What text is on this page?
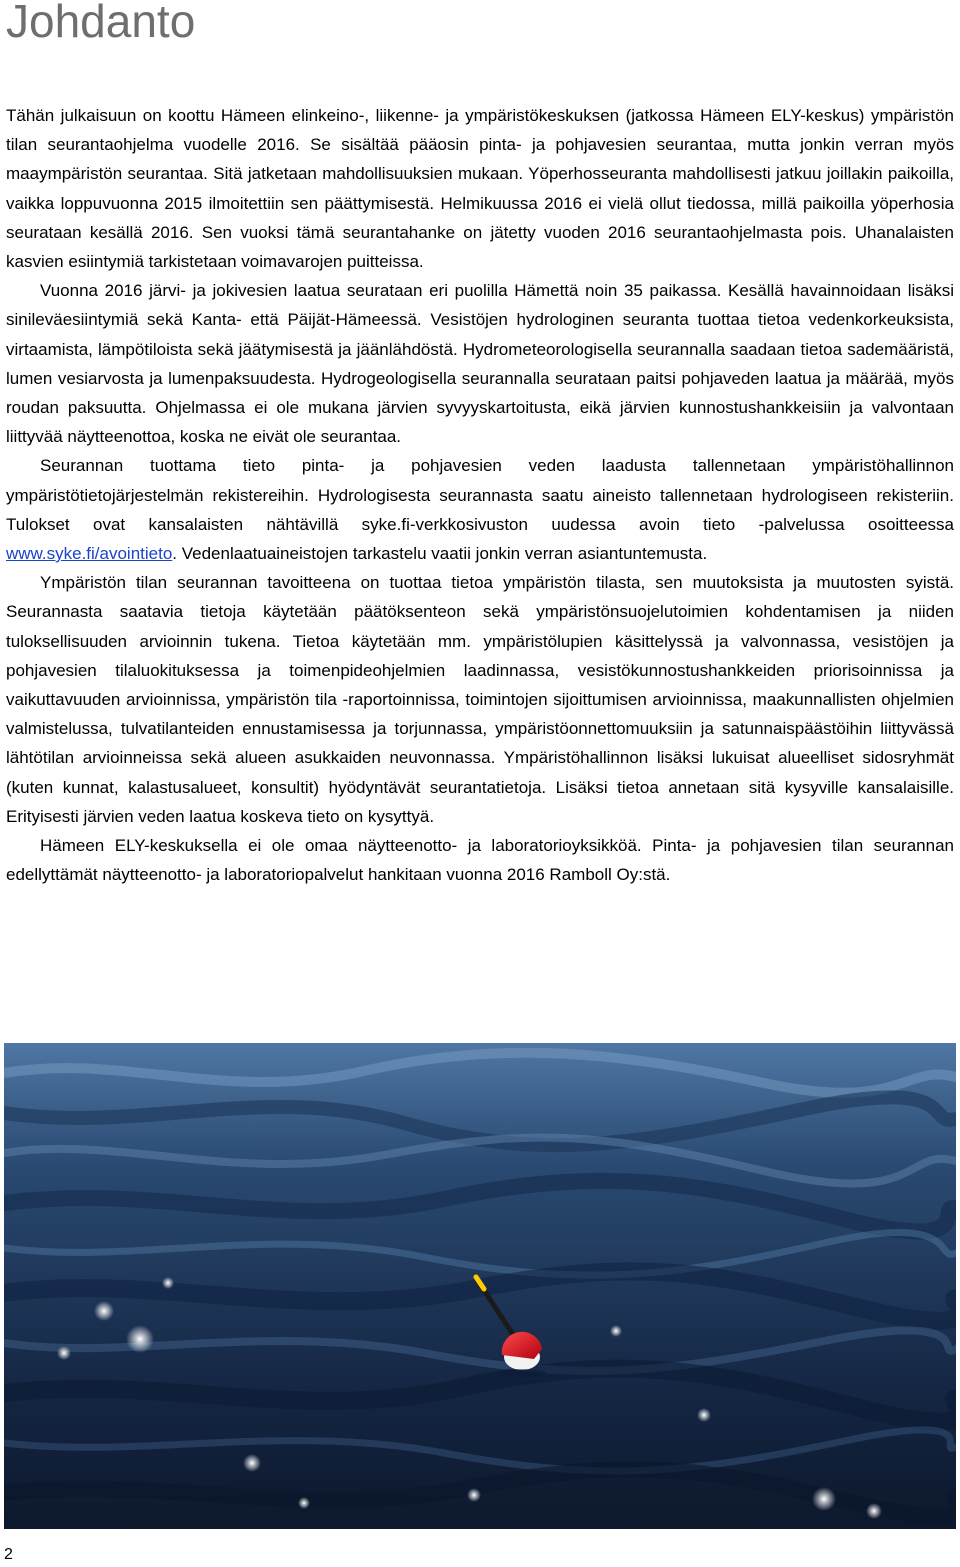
Johdanto

Tähän julkaisuun on koottu Hämeen elinkeino-, liikenne- ja ympäristökeskuksen (jatkossa Hämeen ELY-keskus) ympäristön tilan seurantaohjelma vuodelle 2016. Se sisältää pääosin pinta- ja pohjavesien seurantaa, mutta jonkin verran myös maaympäristön seurantaa. Sitä jatketaan mahdollisuuksien mukaan. Yöperhosseuranta mahdollisesti jatkuu joillakin paikoilla, vaikka loppuvuonna 2015 ilmoitettiin sen päättymisestä. Helmikuussa 2016 ei vielä ollut tiedossa, millä paikoilla yöperhosia seurataan kesällä 2016. Sen vuoksi tämä seurantahanke on jätetty vuoden 2016 seurantaohjelmasta pois. Uhanalaisten kasvien esiintymiä tarkistetaan voimavarojen puitteissa.

Vuonna 2016 järvi- ja jokivesien laatua seurataan eri puolilla Hämettä noin 35 paikassa. Kesällä havainnoidaan lisäksi sinileväesiintymiä sekä Kanta- että Päijät-Hämeessä. Vesistöjen hydrologinen seuranta tuottaa tietoa vedenkorkeuksista, virtaamista, lämpötiloista sekä jäätymisestä ja jäänlähdöstä. Hydrometeorologisella seurannalla saadaan tietoa sademääristä, lumen vesiarvosta ja lumenpaksuudesta. Hydrogeologisella seurannalla seurataan paitsi pohjaveden laatua ja määrää, myös roudan paksuutta. Ohjelmassa ei ole mukana järvien syvyyskartoitusta, eikä järvien kunnostushankkeisiin ja valvontaan liittyvää näytteenottoa, koska ne eivät ole seurantaa.

Seurannan tuottama tieto pinta- ja pohjavesien veden laadusta tallennetaan ympäristöhallinnon ympäristötietojärjestelmän rekistereihin. Hydrologisesta seurannasta saatu aineisto tallennetaan hydrologiseen rekisteriin. Tulokset ovat kansalaisten nähtävillä syke.fi-verkkosivuston uudessa avoin tieto -palvelussa osoitteessa www.syke.fi/avointieto. Vedenlaatuaineistojen tarkastelu vaatii jonkin verran asiantuntemusta.

Ympäristön tilan seurannan tavoitteena on tuottaa tietoa ympäristön tilasta, sen muutoksista ja muutosten syistä. Seurannasta saatavia tietoja käytetään päätöksenteon sekä ympäristönsuojelutoimien kohdentamisen ja niiden tuloksellisuuden arvioinnin tukena. Tietoa käytetään mm. ympäristölupien käsittelyssä ja valvonnassa, vesistöjen ja pohjavesien tilaluokituksessa ja toimenpideohjelmien laadinnassa, vesistökunnostushankkeiden priorisoinnissa ja vaikuttavuuden arvioinnissa, ympäristön tila -raportoinnissa, toimintojen sijoittumisen arvioinnissa, maakunnallisten ohjelmien valmistelussa, tulvatilanteiden ennustamisessa ja torjunnassa, ympäristöonnettomuuksiin ja satunnaispäästöihin liittyvässä lähtötilan arvioinneissa sekä alueen asukkaiden neuvonnassa. Ympäristöhallinnon lisäksi lukuisat alueelliset sidosryhmät (kuten kunnat, kalastusalueet, konsultit) hyödyntävät seurantatietoja. Lisäksi tietoa annetaan sitä kysyville kansalaisille. Erityisesti järvien veden laatua koskeva tieto on kysyttyä.

Hämeen ELY-keskuksella ei ole omaa näytteenotto- ja laboratorioyksikköä. Pinta- ja pohjavesien tilan seurannan edellyttämät näytteenotto- ja laboratoriopalvelut hankitaan vuonna 2016 Ramboll Oy:stä.

2
